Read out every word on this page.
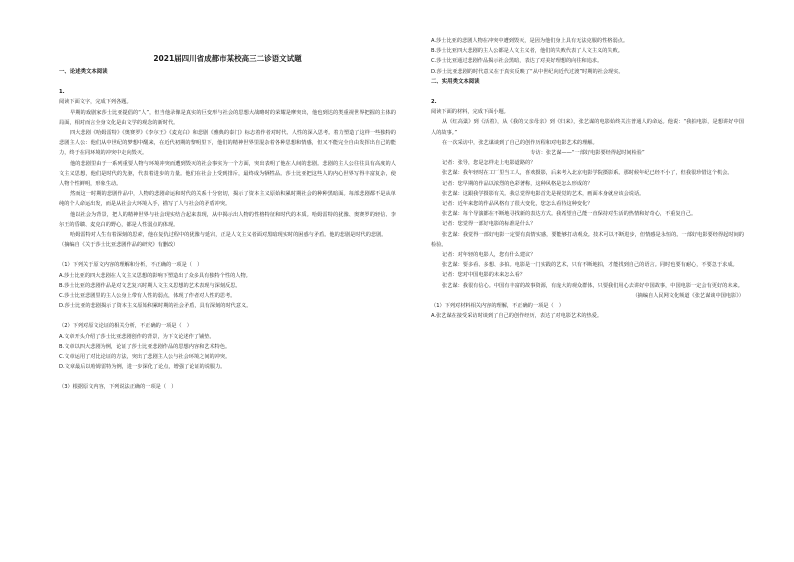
2021届四川省成都市某校高三二诊语文试题
一、论述类文本阅读
1.
阅读下面文字，完成下列各题。
早期的戏剧家莎士比亚提倡的“人”，但当他录像是真实的巨变形与社会的思想大战略时的荣耀是摩突出，他也到达的类重视世界把握的主体的局面，相对而言全身文化是由文学的观念的新时代。
四大悲剧《哈姆雷特》《奥赛罗》《李尔王》《麦克白》和悲剧《雅典的泰门》标志着作者对时代、人性的深入思考。着力塑造了这样一些独特的悲剧主人公：他们从中世纪的梦想中醒来，在近代初期的黎明里下，他们的精神世界里混杂着各种思想和情感，但又不能完全自由发挥出自己的能力，终于在同环境的冲突中走向毁灭。
他的悲剧里由于一系列重要人物与环境冲突而遭到毁灭的社会事实为一个方面，突出表明了他在人间的悲剧。悲剧的主人公往往具有高度的人文主义思想，他们是时代的先驱，代表着进步的力量。他们在社会上受到排斥，最终成为牺牲品。莎士比亚把这些人的内心世界写得丰富复杂，使人物个性鲜明，形象生动。
然而这一时期的悲剧作品中，人物的悲剧命运和时代的关系十分密切，揭示了资本主义原始积累时期社会的种种黑暗面。每部悲剧都不是从单纯的个人命运出发，而是从社会大环境入手，描写了人与社会的矛盾冲突。
他以社会为背景，把人的精神世界与社会现实结合起来表现，从中揭示出人物的性格特征和时代的本质。哈姆雷特的犹豫、奥赛罗的轻信、李尔王的昏聩、麦克白的野心，都是人性弱点的体现。
哈姆雷特对人生有着深刻的思索，他在复仇过程中的犹豫与延宕，正是人文主义者面对黑暗现实时的困惑与矛盾。他的悲剧是时代的悲剧。
（摘编自《关于莎士比亚悲剧作品的研究》有删改）
（1）下列关于原文内容的理解和分析，不正确的一项是（　）
A.莎士比亚的四大悲剧在人文主义思想的影响下塑造出了众多具有独特个性的人物。
B.莎士比亚的悲剧作品是对文艺复兴时期人文主义思想的艺术表现与深刻反思。
C.莎士比亚悲剧里的主人公身上带有人性的弱点，体现了作者对人性的思考。
D.莎士比亚的悲剧揭示了资本主义原始积累时期的社会矛盾，具有深刻的时代意义。
（2）下列对原文论证的相关分析，不正确的一项是（　）
A.文章开头介绍了莎士比亚悲剧创作的背景，为下文论述作了铺垫。
B.文章以四大悲剧为例，论证了莎士比亚悲剧作品的思想内容和艺术特色。
C.文章运用了对比论证的方法，突出了悲剧主人公与社会环境之间的冲突。
D.文章最后以哈姆雷特为例，进一步深化了论点，增强了论证的说服力。
（3）根据原文内容，下列说法正确的一项是（　）
A.莎士比亚的悲剧人物在冲突中遭到毁灭，是因为他们身上具有无法克服的性格弱点。
B.莎士比亚四大悲剧的主人公都是人文主义者，他们的失败代表了人文主义的失败。
C.莎士比亚通过悲剧作品揭示社会黑暗，表达了对美好理想的向往和追求。
D.莎士比亚悲剧的时代意义在于真实反映了“从中世纪向近代过渡”时期的社会现实。
二、实用类文本阅读
2.
阅读下面的材料，完成下面小题。
从《红高粱》到《活着》，从《我的父亲母亲》到《归来》，张艺谋的电影始终关注普通人的命运。他说：“我拍电影，是想讲好中国人的故事。”
在一次采访中，张艺谋谈到了自己的创作历程和对电影艺术的理解。
专访：张艺谋——“一部好电影要经得起时间检验”
记者：张导，您是怎样走上电影道路的？
张艺谋：我年轻时在工厂里当工人，喜欢摄影，后来考入北京电影学院摄影系。那时候年纪已经不小了，但我很珍惜这个机会。
记者：您早期的作品以浓烈的色彩著称，这种风格是怎么形成的？
张艺谋：这跟我学摄影有关。我总觉得电影首先是视觉的艺术，画面本身就应该会说话。
记者：近年来您的作品风格有了很大变化，您怎么看待这种变化？
张艺谋：每个导演都在不断地寻找新的表达方式。我希望自己能一直保持对生活的热情和好奇心，不重复自己。
记者：您觉得一部好电影的标准是什么？
张艺谋：我觉得一部好电影一定要有真情实感，要能够打动观众。技术可以不断进步，但情感是永恒的。一部好电影要经得起时间的检验。
记者：对年轻的电影人，您有什么建议？
张艺谋：要多看、多想、多拍。电影是一门实践的艺术，只有不断地拍，才能找到自己的语言。同时也要有耐心，不要急于求成。
记者：您对中国电影的未来怎么看？
张艺谋：我很有信心。中国有丰富的故事资源，有庞大的观众群体，只要我们用心去讲好中国故事，中国电影一定会有更好的未来。
（摘编自人民网文化频道《张艺谋谈中国电影》）
（1）下列对材料相关内容的理解，不正确的一项是（　）
A.张艺谋在接受采访时谈到了自己的创作经历，表达了对电影艺术的热爱。
